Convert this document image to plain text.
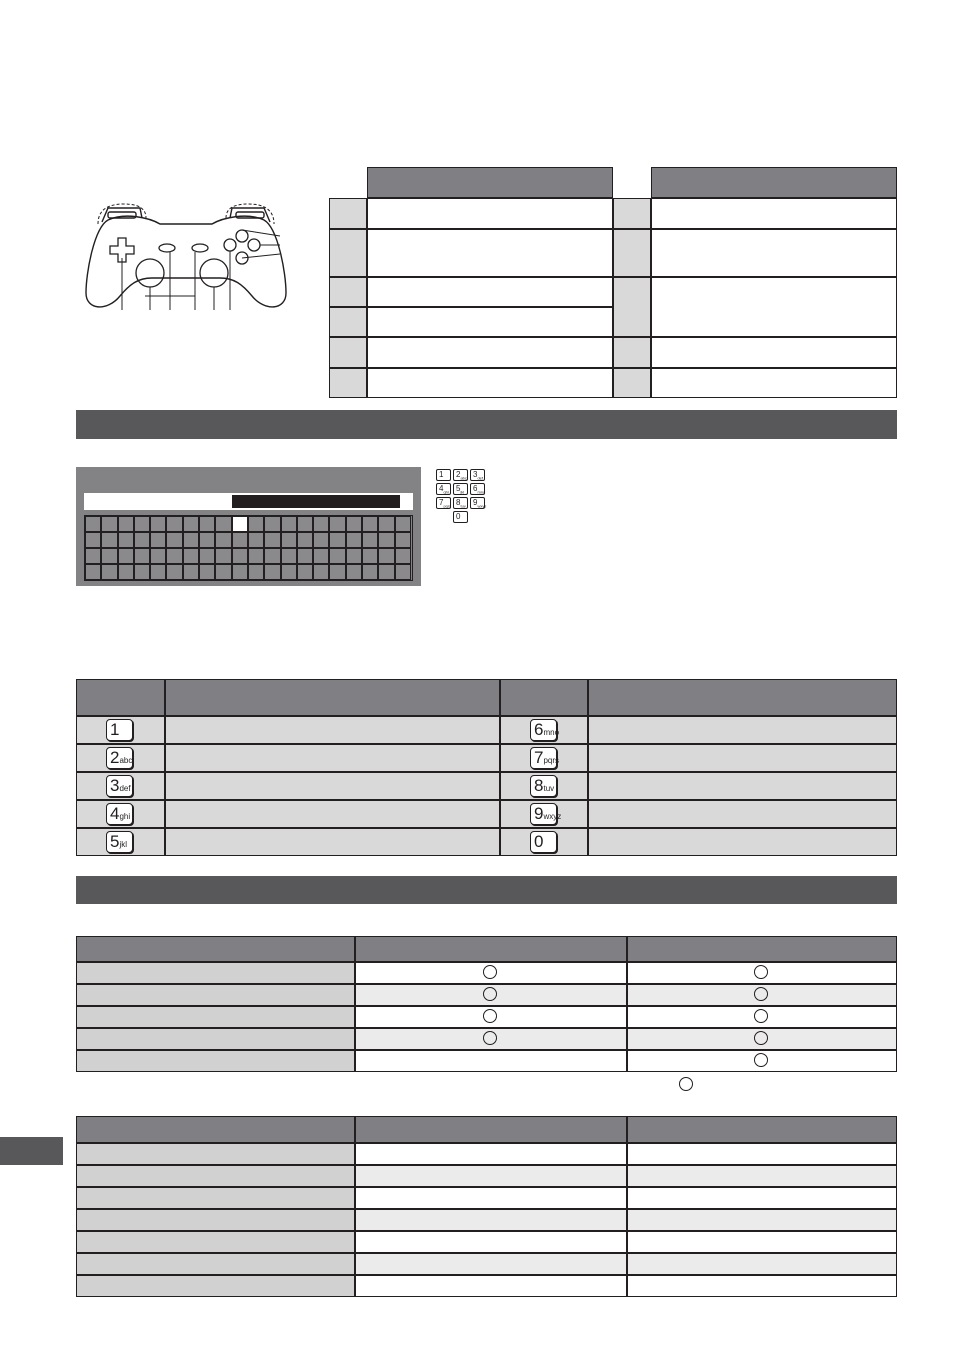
1	$2_{abc}$ $3_{def}$
$4_{ghi}$ $5_{jkl}$	$6_{mno}$
$7_{pqrs}$ $8_{tuv}$ $9_{wxyz}$
0
1	6mno
2abc	7pqrs
3def	8tuv
4ghi	9wxyz
5jkl	0
